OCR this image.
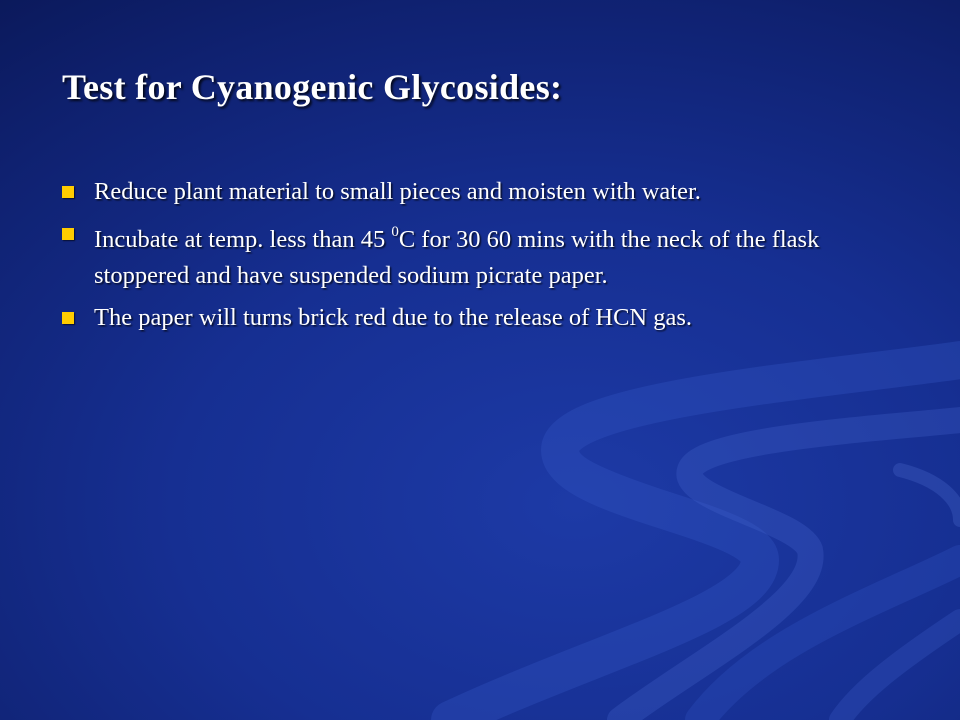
Test for Cyanogenic Glycosides:
Reduce plant material to small pieces and moisten with water.
Incubate at temp. less than 45 $^0$C for 30 60 mins with the neck of the flask stoppered and have suspended sodium picrate paper.
The paper will turns brick red due to the release of HCN gas.
